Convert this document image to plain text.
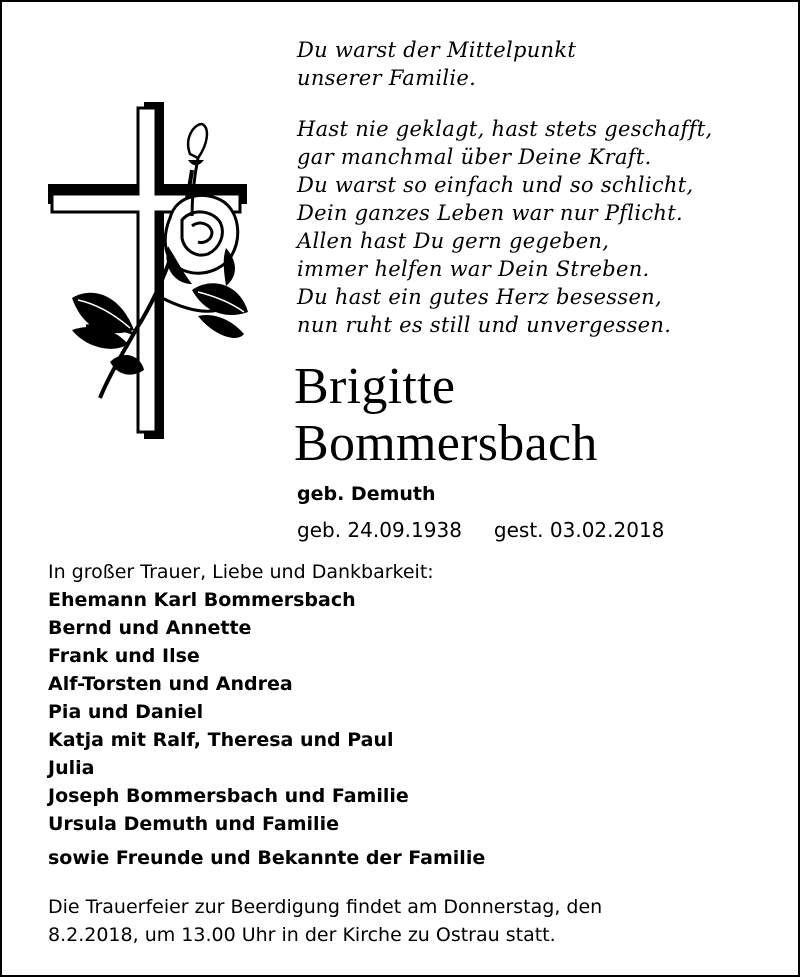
Du warst der Mittelpunkt
unserer Familie.
Hast nie geklagt, hast stets geschafft,
gar manchmal über Deine Kraft.
Du warst so einfach und so schlicht,
Dein ganzes Leben war nur Pflicht.
Allen hast Du gern gegeben,
immer helfen war Dein Streben.
Du hast ein gutes Herz besessen,
nun ruht es still und unvergessen.
Brigitte
Bommersbach
geb. Demuth
geb. 24.09.1938 gest. 03.02.2018
In großer Trauer, Liebe und Dankbarkeit:
Ehemann Karl Bommersbach
Bernd und Annette
Frank und Ilse
Alf-Torsten und Andrea
Pia und Daniel
Katja mit Ralf, Theresa und Paul
Julia
Joseph Bommersbach und Familie
Ursula Demuth und Familie
sowie Freunde und Bekannte der Familie
Die Trauerfeier zur Beerdigung findet am Donnerstag, den
8.2.2018, um 13.00 Uhr in der Kirche zu Ostrau statt.
